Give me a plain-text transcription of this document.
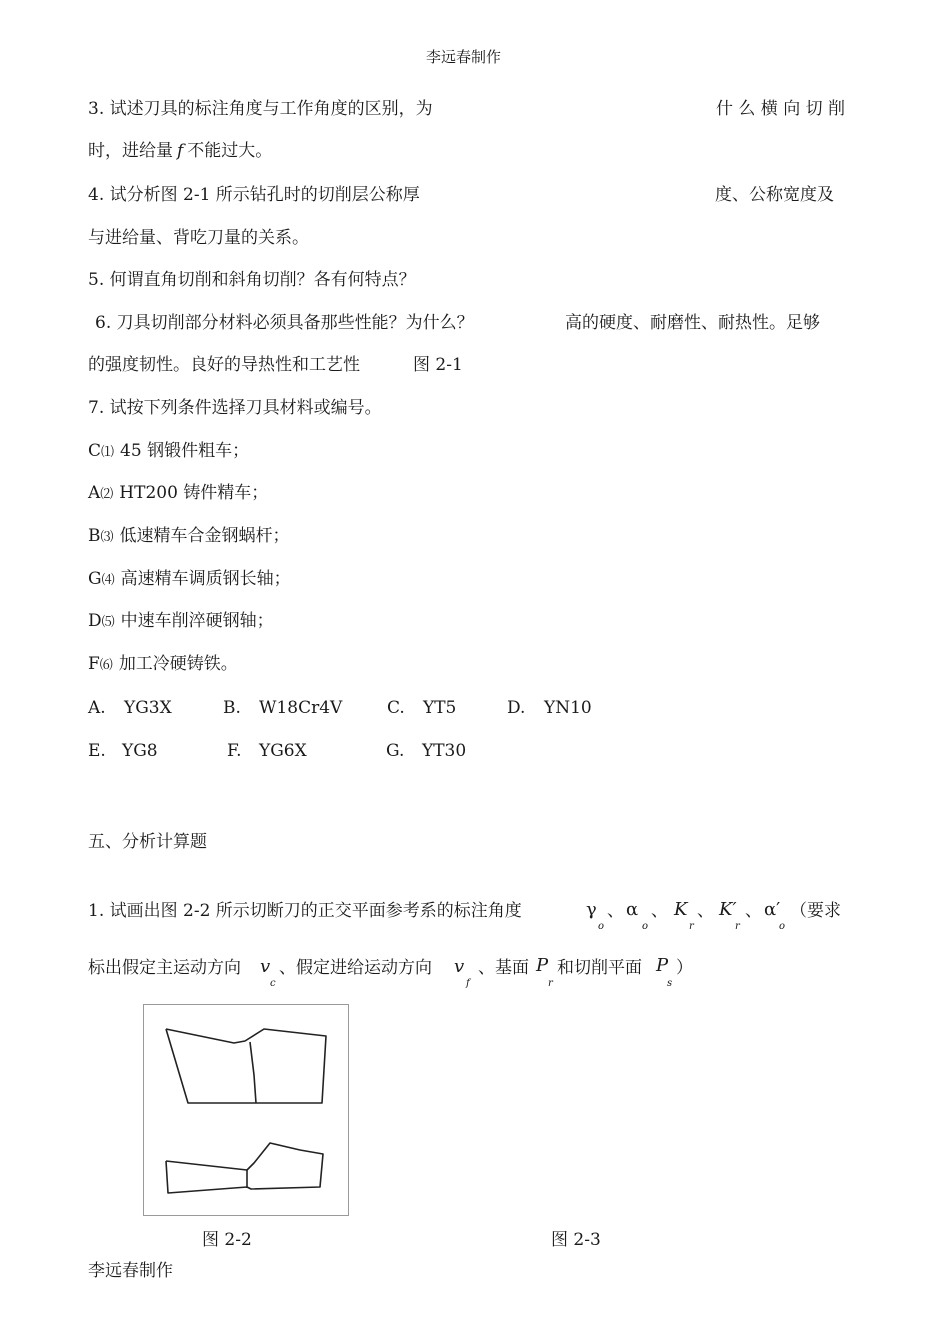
李远春制作
3. 试述刀具的标注角度与工作角度的区别，为	什 么 横 向 切 削
时，进给量 f 不能过大。
4. 试分析图 2-1 所示钻孔时的切削层公称厚	度、公称宽度及
与进给量、背吃刀量的关系。
5. 何谓直角切削和斜角切削？各有何特点？
6. 刀具切削部分材料必须具备那些性能？为什么？	高的硬度、耐磨性、耐热性。足够
的强度韧性。良好的导热性和工艺性	图 2-1
7. 试按下列条件选择刀具材料或编号。
C⑴ 45 钢锻件粗车；
A⑵ HT200 铸件精车；
B⑶ 低速精车合金钢蜗杆；
G⑷ 高速精车调质钢长轴；
D⑸ 中速车削淬硬钢轴；
F⑹ 加工冷硬铸铁。
A. YG3X	B. W18Cr4V	C. YT5	D. YN10
E. YG8	F. YG6X	G. YT30
五、分析计算题
1. 试画出图 2-2 所示切断刀的正交平面参考系的标注角度	γ
o
、 α
o
、 K
r
、 K′
r
、 α′
o
（要求
标出假定主运动方向 v
c
、假定进给运动方向 v
f
、基面 P
r
和切削平面 P
s
）
图 2-2	图 2-3
李远春制作
